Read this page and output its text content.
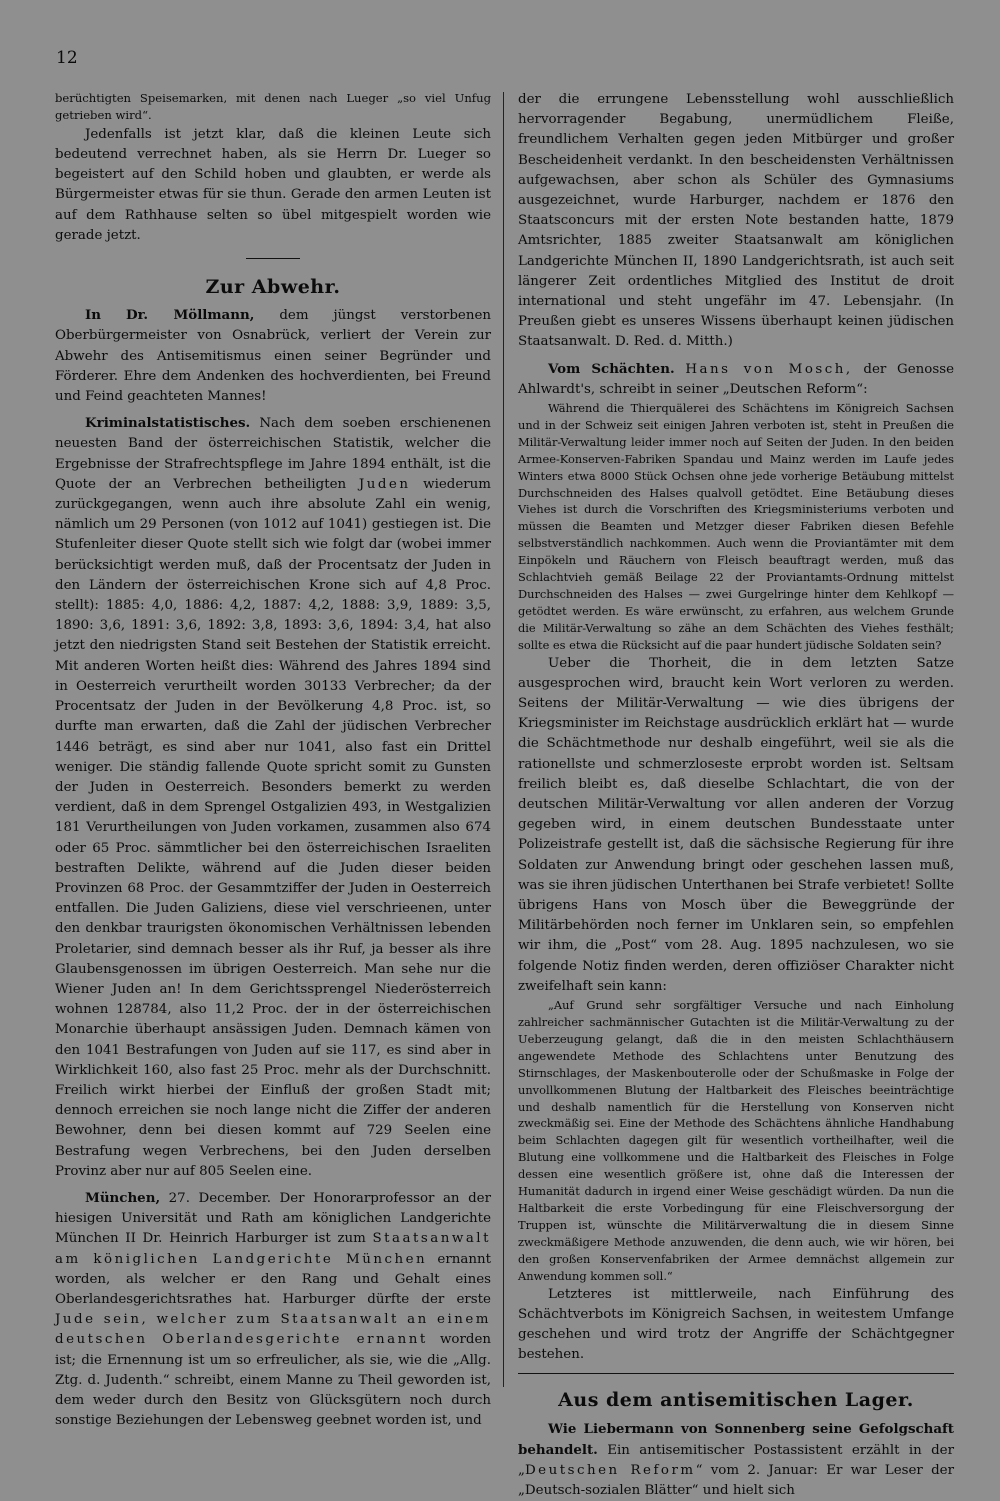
12

berüchtigten Speisemarken, mit denen nach Lueger „so viel Unfug getrieben wird“.

Jedenfalls ist jetzt klar, daß die kleinen Leute sich bedeutend verrechnet haben, als sie Herrn Dr. Lueger so begeistert auf den Schild hoben und glaubten, er werde als Bürgermeister etwas für sie thun. Gerade den armen Leuten ist auf dem Rathhause selten so übel mitgespielt worden wie gerade jetzt.

Zur Abwehr.

In Dr. Möllmann, dem jüngst verstorbenen Oberbürgermeister von Osnabrück, verliert der Verein zur Abwehr des Antisemitismus einen seiner Begründer und Förderer. Ehre dem Andenken des hochverdienten, bei Freund und Feind geachteten Mannes!

Kriminalstatistisches. Nach dem soeben erschienenen neuesten Band der österreichischen Statistik, welcher die Ergebnisse der Strafrechtspflege im Jahre 1894 enthält, ist die Quote der an Verbrechen betheiligten Juden wiederum zurückgegangen, wenn auch ihre absolute Zahl ein wenig, nämlich um 29 Personen (von 1012 auf 1041) gestiegen ist. Die Stufenleiter dieser Quote stellt sich wie folgt dar (wobei immer berücksichtigt werden muß, daß der Procentsatz der Juden in den Ländern der österreichischen Krone sich auf 4,8 Proc. stellt): 1885: 4,0, 1886: 4,2, 1887: 4,2, 1888: 3,9, 1889: 3,5, 1890: 3,6, 1891: 3,6, 1892: 3,8, 1893: 3,6, 1894: 3,4, hat also jetzt den niedrigsten Stand seit Bestehen der Statistik erreicht. Mit anderen Worten heißt dies: Während des Jahres 1894 sind in Oesterreich verurtheilt worden 30133 Verbrecher; da der Procentsatz der Juden in der Bevölkerung 4,8 Proc. ist, so durfte man erwarten, daß die Zahl der jüdischen Verbrecher 1446 beträgt, es sind aber nur 1041, also fast ein Drittel weniger. Die ständig fallende Quote spricht somit zu Gunsten der Juden in Oesterreich. Besonders bemerkt zu werden verdient, daß in dem Sprengel Ostgalizien 493, in Westgalizien 181 Verurtheilungen von Juden vorkamen, zusammen also 674 oder 65 Proc. sämmtlicher bei den österreichischen Israeliten bestraften Delikte, während auf die Juden dieser beiden Provinzen 68 Proc. der Gesammtziffer der Juden in Oesterreich entfallen. Die Juden Galiziens, diese viel verschrieenen, unter den denkbar traurigsten ökonomischen Verhältnissen lebenden Proletarier, sind demnach besser als ihr Ruf, ja besser als ihre Glaubensgenossen im übrigen Oesterreich. Man sehe nur die Wiener Juden an! In dem Gerichtssprengel Niederösterreich wohnen 128784, also 11,2 Proc. der in der österreichischen Monarchie überhaupt ansässigen Juden. Demnach kämen von den 1041 Bestrafungen von Juden auf sie 117, es sind aber in Wirklichkeit 160, also fast 25 Proc. mehr als der Durchschnitt. Freilich wirkt hierbei der Einfluß der großen Stadt mit; dennoch erreichen sie noch lange nicht die Ziffer der anderen Bewohner, denn bei diesen kommt auf 729 Seelen eine Bestrafung wegen Verbrechens, bei den Juden derselben Provinz aber nur auf 805 Seelen eine.

München, 27. December. Der Honorarprofessor an der hiesigen Universität und Rath am königlichen Landgerichte München II Dr. Heinrich Harburger ist zum Staatsanwalt am königlichen Landgerichte München ernannt worden, als welcher er den Rang und Gehalt eines Oberlandesgerichtsrathes hat. Harburger dürfte der erste Jude sein, welcher zum Staatsanwalt an einem deutschen Oberlandesgerichte ernannt worden ist; die Ernennung ist um so erfreulicher, als sie, wie die „Allg. Ztg. d. Judenth.“ schreibt, einem Manne zu Theil geworden ist, dem weder durch den Besitz von Glücksgütern noch durch sonstige Beziehungen der Lebensweg geebnet worden ist, und

der die errungene Lebensstellung wohl ausschließlich hervorragender Begabung, unermüdlichem Fleiße, freundlichem Verhalten gegen jeden Mitbürger und großer Bescheidenheit verdankt. In den bescheidensten Verhältnissen aufgewachsen, aber schon als Schüler des Gymnasiums ausgezeichnet, wurde Harburger, nachdem er 1876 den Staatsconcurs mit der ersten Note bestanden hatte, 1879 Amtsrichter, 1885 zweiter Staatsanwalt am königlichen Landgerichte München II, 1890 Landgerichtsrath, ist auch seit längerer Zeit ordentliches Mitglied des Institut de droit international und steht ungefähr im 47. Lebensjahr. (In Preußen giebt es unseres Wissens überhaupt keinen jüdischen Staatsanwalt. D. Red. d. Mitth.)

Vom Schächten. Hans von Mosch, der Genosse Ahlwardt's, schreibt in seiner „Deutschen Reform“:

Während die Thierquälerei des Schächtens im Königreich Sachsen und in der Schweiz seit einigen Jahren verboten ist, steht in Preußen die Militär-Verwaltung leider immer noch auf Seiten der Juden. In den beiden Armee-Konserven-Fabriken Spandau und Mainz werden im Laufe jedes Winters etwa 8000 Stück Ochsen ohne jede vorherige Betäubung mittelst Durchschneiden des Halses qualvoll getödtet. Eine Betäubung dieses Viehes ist durch die Vorschriften des Kriegsministeriums verboten und müssen die Beamten und Metzger dieser Fabriken diesen Befehle selbstverständlich nachkommen. Auch wenn die Proviantämter mit dem Einpökeln und Räuchern von Fleisch beauftragt werden, muß das Schlachtvieh gemäß Beilage 22 der Proviantamts-Ordnung mittelst Durchschneiden des Halses — zwei Gurgelringe hinter dem Kehlkopf — getödtet werden. Es wäre erwünscht, zu erfahren, aus welchem Grunde die Militär-Verwaltung so zähe an dem Schächten des Viehes festhält; sollte es etwa die Rücksicht auf die paar hundert jüdische Soldaten sein?

Ueber die Thorheit, die in dem letzten Satze ausgesprochen wird, braucht kein Wort verloren zu werden. Seitens der Militär-Verwaltung — wie dies übrigens der Kriegsminister im Reichstage ausdrücklich erklärt hat — wurde die Schächtmethode nur deshalb eingeführt, weil sie als die rationellste und schmerzloseste erprobt worden ist. Seltsam freilich bleibt es, daß dieselbe Schlachtart, die von der deutschen Militär-Verwaltung vor allen anderen der Vorzug gegeben wird, in einem deutschen Bundesstaate unter Polizeistrafe gestellt ist, daß die sächsische Regierung für ihre Soldaten zur Anwendung bringt oder geschehen lassen muß, was sie ihren jüdischen Unterthanen bei Strafe verbietet! Sollte übrigens Hans von Mosch über die Beweggründe der Militärbehörden noch ferner im Unklaren sein, so empfehlen wir ihm, die „Post“ vom 28. Aug. 1895 nachzulesen, wo sie folgende Notiz finden werden, deren offiziöser Charakter nicht zweifelhaft sein kann:

„Auf Grund sehr sorgfältiger Versuche und nach Einholung zahlreicher sachmännischer Gutachten ist die Militär-Verwaltung zu der Ueberzeugung gelangt, daß die in den meisten Schlachthäusern angewendete Methode des Schlachtens unter Benutzung des Stirnschlages, der Maskenbouterolle oder der Schußmaske in Folge der unvollkommenen Blutung der Haltbarkeit des Fleisches beeinträchtige und deshalb namentlich für die Herstellung von Konserven nicht zweckmäßig sei. Eine der Methode des Schächtens ähnliche Handhabung beim Schlachten dagegen gilt für wesentlich vortheilhafter, weil die Blutung eine vollkommene und die Haltbarkeit des Fleisches in Folge dessen eine wesentlich größere ist, ohne daß die Interessen der Humanität dadurch in irgend einer Weise geschädigt würden. Da nun die Haltbarkeit die erste Vorbedingung für eine Fleischversorgung der Truppen ist, wünschte die Militärverwaltung die in diesem Sinne zweckmäßigere Methode anzuwenden, die denn auch, wie wir hören, bei den großen Konservenfabriken der Armee demnächst allgemein zur Anwendung kommen soll.“

Letzteres ist mittlerweile, nach Einführung des Schächtverbots im Königreich Sachsen, in weitestem Umfange geschehen und wird trotz der Angriffe der Schächtgegner bestehen.

Aus dem antisemitischen Lager.

Wie Liebermann von Sonnenberg seine Gefolgschaft behandelt. Ein antisemitischer Postassistent erzählt in der „Deutschen Reform“ vom 2. Januar: Er war Leser der „Deutsch-sozialen Blätter“ und hielt sich
